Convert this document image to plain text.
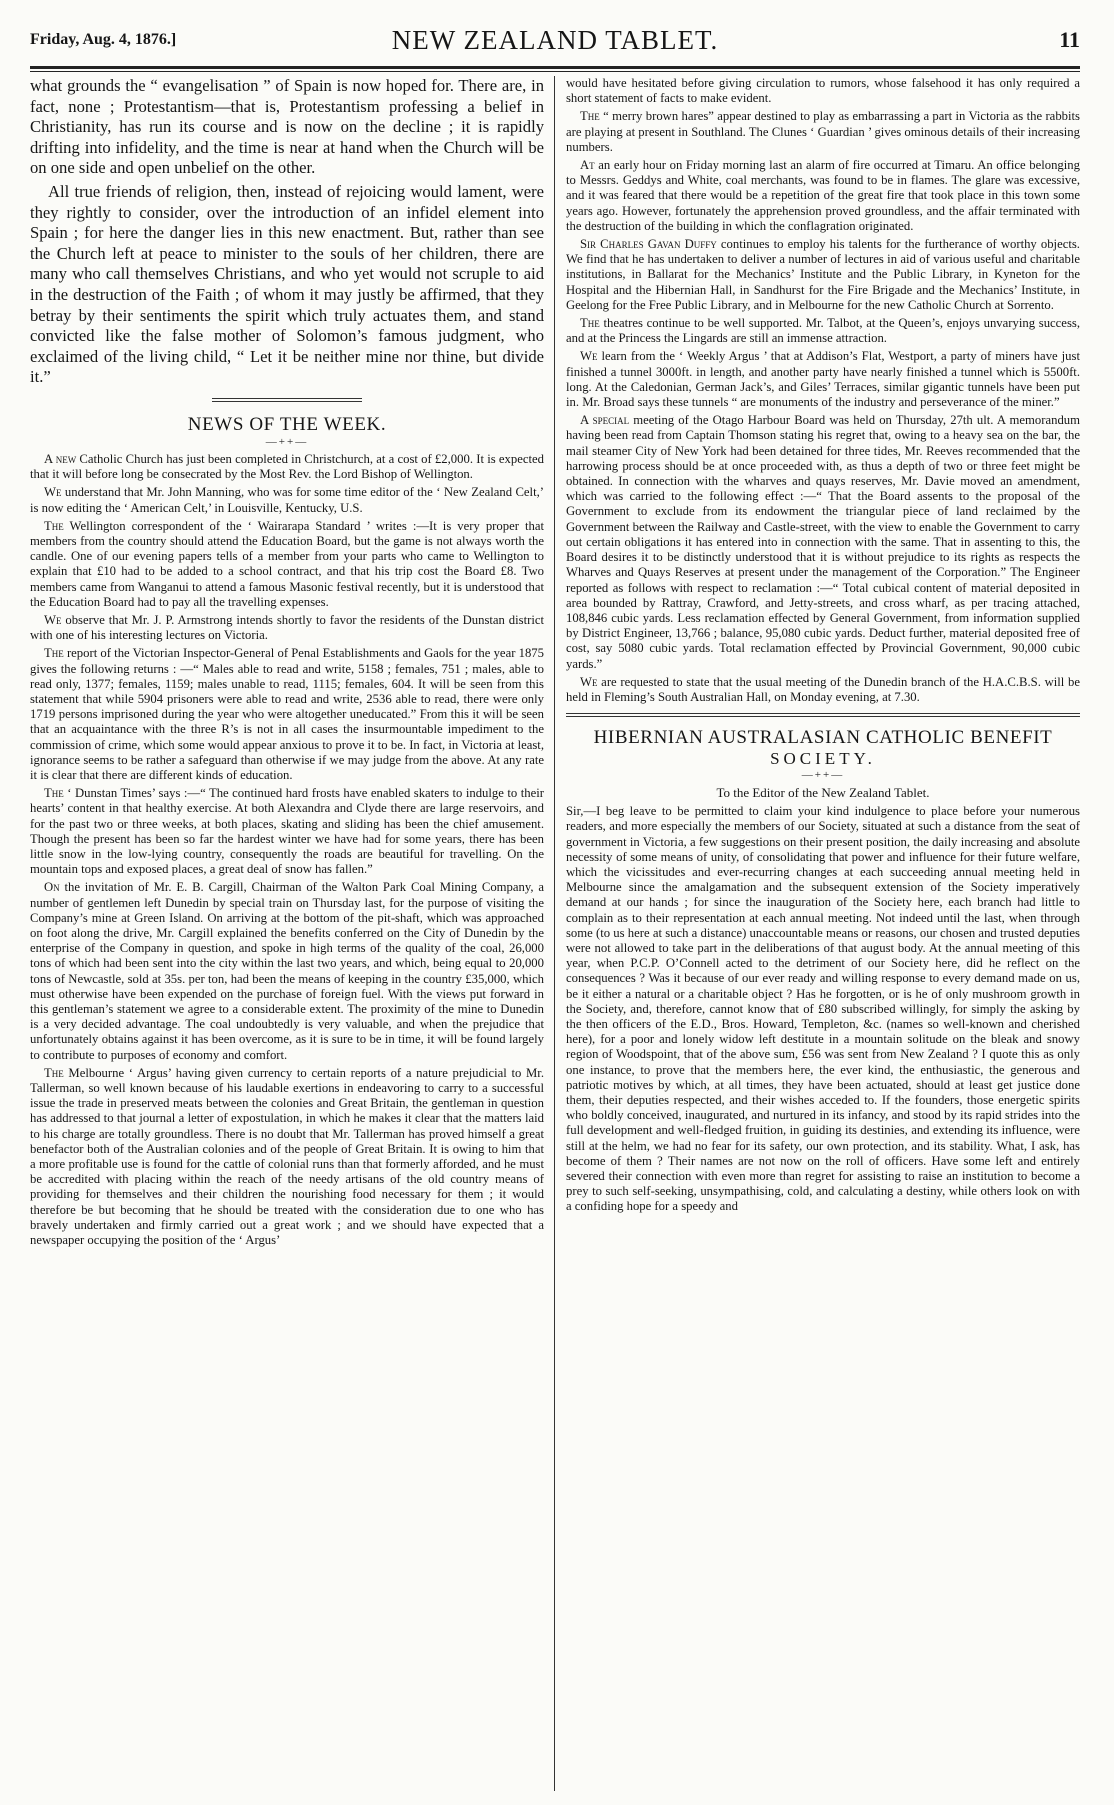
Friday, Aug. 4, 1876.]	NEW ZEALAND TABLET.	11

what grounds the “ evangelisation ” of Spain is now hoped for. There are, in fact, none ; Protestantism—that is, Protestantism professing a belief in Christianity, has run its course and is now on the decline ; it is rapidly drifting into infidelity, and the time is near at hand when the Church will be on one side and open unbelief on the other.

All true friends of religion, then, instead of rejoicing would lament, were they rightly to consider, over the introduction of an infidel element into Spain ; for here the danger lies in this new enactment. But, rather than see the Church left at peace to minister to the souls of her children, there are many who call themselves Christians, and who yet would not scruple to aid in the destruction of the Faith ; of whom it may justly be affirmed, that they betray by their sentiments the spirit which truly actuates them, and stand convicted like the false mother of Solomon’s famous judgment, who exclaimed of the living child, “ Let it be neither mine nor thine, but divide it.”

NEWS OF THE WEEK.
—++—

A new Catholic Church has just been completed in Christchurch, at a cost of £2,000. It is expected that it will before long be consecrated by the Most Rev. the Lord Bishop of Wellington.

We understand that Mr. John Manning, who was for some time editor of the ‘ New Zealand Celt,’ is now editing the ‘ American Celt,’ in Louisville, Kentucky, U.S.

The Wellington correspondent of the ‘ Wairarapa Standard ’ writes :—It is very proper that members from the country should attend the Education Board, but the game is not always worth the candle. One of our evening papers tells of a member from your parts who came to Wellington to explain that £10 had to be added to a school contract, and that his trip cost the Board £8. Two members came from Wanganui to attend a famous Masonic festival recently, but it is understood that the Education Board had to pay all the travelling expenses.

We observe that Mr. J. P. Armstrong intends shortly to favor the residents of the Dunstan district with one of his interesting lectures on Victoria.

The report of the Victorian Inspector-General of Penal Establishments and Gaols for the year 1875 gives the following returns : —“ Males able to read and write, 5158 ; females, 751 ; males, able to read only, 1377; females, 1159; males unable to read, 1115; females, 604. It will be seen from this statement that while 5904 prisoners were able to read and write, 2536 able to read, there were only 1719 persons imprisoned during the year who were altogether uneducated.” From this it will be seen that an acquaintance with the three R’s is not in all cases the insurmountable impediment to the commission of crime, which some would appear anxious to prove it to be. In fact, in Victoria at least, ignorance seems to be rather a safeguard than otherwise if we may judge from the above. At any rate it is clear that there are different kinds of education.

The ‘ Dunstan Times’ says :—“ The continued hard frosts have enabled skaters to indulge to their hearts’ content in that healthy exercise. At both Alexandra and Clyde there are large reservoirs, and for the past two or three weeks, at both places, skating and sliding has been the chief amusement. Though the present has been so far the hardest winter we have had for some years, there has been little snow in the low-lying country, consequently the roads are beautiful for travelling. On the mountain tops and exposed places, a great deal of snow has fallen.”

On the invitation of Mr. E. B. Cargill, Chairman of the Walton Park Coal Mining Company, a number of gentlemen left Dunedin by special train on Thursday last, for the purpose of visiting the Company’s mine at Green Island. On arriving at the bottom of the pit-shaft, which was approached on foot along the drive, Mr. Cargill explained the benefits conferred on the City of Dunedin by the enterprise of the Company in question, and spoke in high terms of the quality of the coal, 26,000 tons of which had been sent into the city within the last two years, and which, being equal to 20,000 tons of Newcastle, sold at 35s. per ton, had been the means of keeping in the country £35,000, which must otherwise have been expended on the purchase of foreign fuel. With the views put forward in this gentleman’s statement we agree to a considerable extent. The proximity of the mine to Dunedin is a very decided advantage. The coal undoubtedly is very valuable, and when the prejudice that unfortunately obtains against it has been overcome, as it is sure to be in time, it will be found largely to contribute to purposes of economy and comfort.

The Melbourne ‘ Argus’ having given currency to certain reports of a nature prejudicial to Mr. Tallerman, so well known because of his laudable exertions in endeavoring to carry to a successful issue the trade in preserved meats between the colonies and Great Britain, the gentleman in question has addressed to that journal a letter of expostulation, in which he makes it clear that the matters laid to his charge are totally groundless. There is no doubt that Mr. Tallerman has proved himself a great benefactor both of the Australian colonies and of the people of Great Britain. It is owing to him that a more profitable use is found for the cattle of colonial runs than that formerly afforded, and he must be accredited with placing within the reach of the needy artisans of the old country means of providing for themselves and their children the nourishing food necessary for them ; it would therefore be but becoming that he should be treated with the consideration due to one who has bravely undertaken and firmly carried out a great work ; and we should have expected that a newspaper occupying the position of the ‘ Argus’

would have hesitated before giving circulation to rumors, whose falsehood it has only required a short statement of facts to make evident.

The “ merry brown hares” appear destined to play as embarrassing a part in Victoria as the rabbits are playing at present in Southland. The Clunes ‘ Guardian ’ gives ominous details of their increasing numbers.

At an early hour on Friday morning last an alarm of fire occurred at Timaru. An office belonging to Messrs. Geddys and White, coal merchants, was found to be in flames. The glare was excessive, and it was feared that there would be a repetition of the great fire that took place in this town some years ago. However, fortunately the apprehension proved groundless, and the affair terminated with the destruction of the building in which the conflagration originated.

Sir Charles Gavan Duffy continues to employ his talents for the furtherance of worthy objects. We find that he has undertaken to deliver a number of lectures in aid of various useful and charitable institutions, in Ballarat for the Mechanics’ Institute and the Public Library, in Kyneton for the Hospital and the Hibernian Hall, in Sandhurst for the Fire Brigade and the Mechanics’ Institute, in Geelong for the Free Public Library, and in Melbourne for the new Catholic Church at Sorrento.

The theatres continue to be well supported. Mr. Talbot, at the Queen’s, enjoys unvarying success, and at the Princess the Lingards are still an immense attraction.

We learn from the ‘ Weekly Argus ’ that at Addison’s Flat, Westport, a party of miners have just finished a tunnel 3000ft. in length, and another party have nearly finished a tunnel which is 5500ft. long. At the Caledonian, German Jack’s, and Giles’ Terraces, similar gigantic tunnels have been put in. Mr. Broad says these tunnels “ are monuments of the industry and perseverance of the miner.”

A special meeting of the Otago Harbour Board was held on Thursday, 27th ult. A memorandum having been read from Captain Thomson stating his regret that, owing to a heavy sea on the bar, the mail steamer City of New York had been detained for three tides, Mr. Reeves recommended that the harrowing process should be at once proceeded with, as thus a depth of two or three feet might be obtained. In connection with the wharves and quays reserves, Mr. Davie moved an amendment, which was carried to the following effect :—“ That the Board assents to the proposal of the Government to exclude from its endowment the triangular piece of land reclaimed by the Government between the Railway and Castle-street, with the view to enable the Government to carry out certain obligations it has entered into in connection with the same. That in assenting to this, the Board desires it to be distinctly understood that it is without prejudice to its rights as respects the Wharves and Quays Reserves at present under the management of the Corporation.” The Engineer reported as follows with respect to reclamation :—“ Total cubical content of material deposited in area bounded by Rattray, Crawford, and Jetty-streets, and cross wharf, as per tracing attached, 108,846 cubic yards. Less reclamation effected by General Government, from information supplied by District Engineer, 13,766 ; balance, 95,080 cubic yards. Deduct further, material deposited free of cost, say 5080 cubic yards. Total reclamation effected by Provincial Government, 90,000 cubic yards.”

We are requested to state that the usual meeting of the Dunedin branch of the H.A.C.B.S. will be held in Fleming’s South Australian Hall, on Monday evening, at 7.30.

HIBERNIAN AUSTRALASIAN CATHOLIC BENEFIT
SOCIETY.
—++—
To the Editor of the New Zealand Tablet.

Sir,—I beg leave to be permitted to claim your kind indulgence to place before your numerous readers, and more especially the members of our Society, situated at such a distance from the seat of government in Victoria, a few suggestions on their present position, the daily increasing and absolute necessity of some means of unity, of consolidating that power and influence for their future welfare, which the vicissitudes and ever-recurring changes at each succeeding annual meeting held in Melbourne since the amalgamation and the subsequent extension of the Society imperatively demand at our hands ; for since the inauguration of the Society here, each branch had little to complain as to their representation at each annual meeting. Not indeed until the last, when through some (to us here at such a distance) unaccountable means or reasons, our chosen and trusted deputies were not allowed to take part in the deliberations of that august body. At the annual meeting of this year, when P.C.P. O’Connell acted to the detriment of our Society here, did he reflect on the consequences ? Was it because of our ever ready and willing response to every demand made on us, be it either a natural or a charitable object ? Has he forgotten, or is he of only mushroom growth in the Society, and, therefore, cannot know that of £80 subscribed willingly, for simply the asking by the then officers of the E.D., Bros. Howard, Templeton, &c. (names so well-known and cherished here), for a poor and lonely widow left destitute in a mountain solitude on the bleak and snowy region of Woodspoint, that of the above sum, £56 was sent from New Zealand ? I quote this as only one instance, to prove that the members here, the ever kind, the enthusiastic, the generous and patriotic motives by which, at all times, they have been actuated, should at least get justice done them, their deputies respected, and their wishes acceded to. If the founders, those energetic spirits who boldly conceived, inaugurated, and nurtured in its infancy, and stood by its rapid strides into the full development and well-fledged fruition, in guiding its destinies, and extending its influence, were still at the helm, we had no fear for its safety, our own protection, and its stability. What, I ask, has become of them ? Their names are not now on the roll of officers. Have some left and entirely severed their connection with even more than regret for assisting to raise an institution to become a prey to such self-seeking, unsympathising, cold, and calculating a destiny, while others look on with a confiding hope for a speedy and
